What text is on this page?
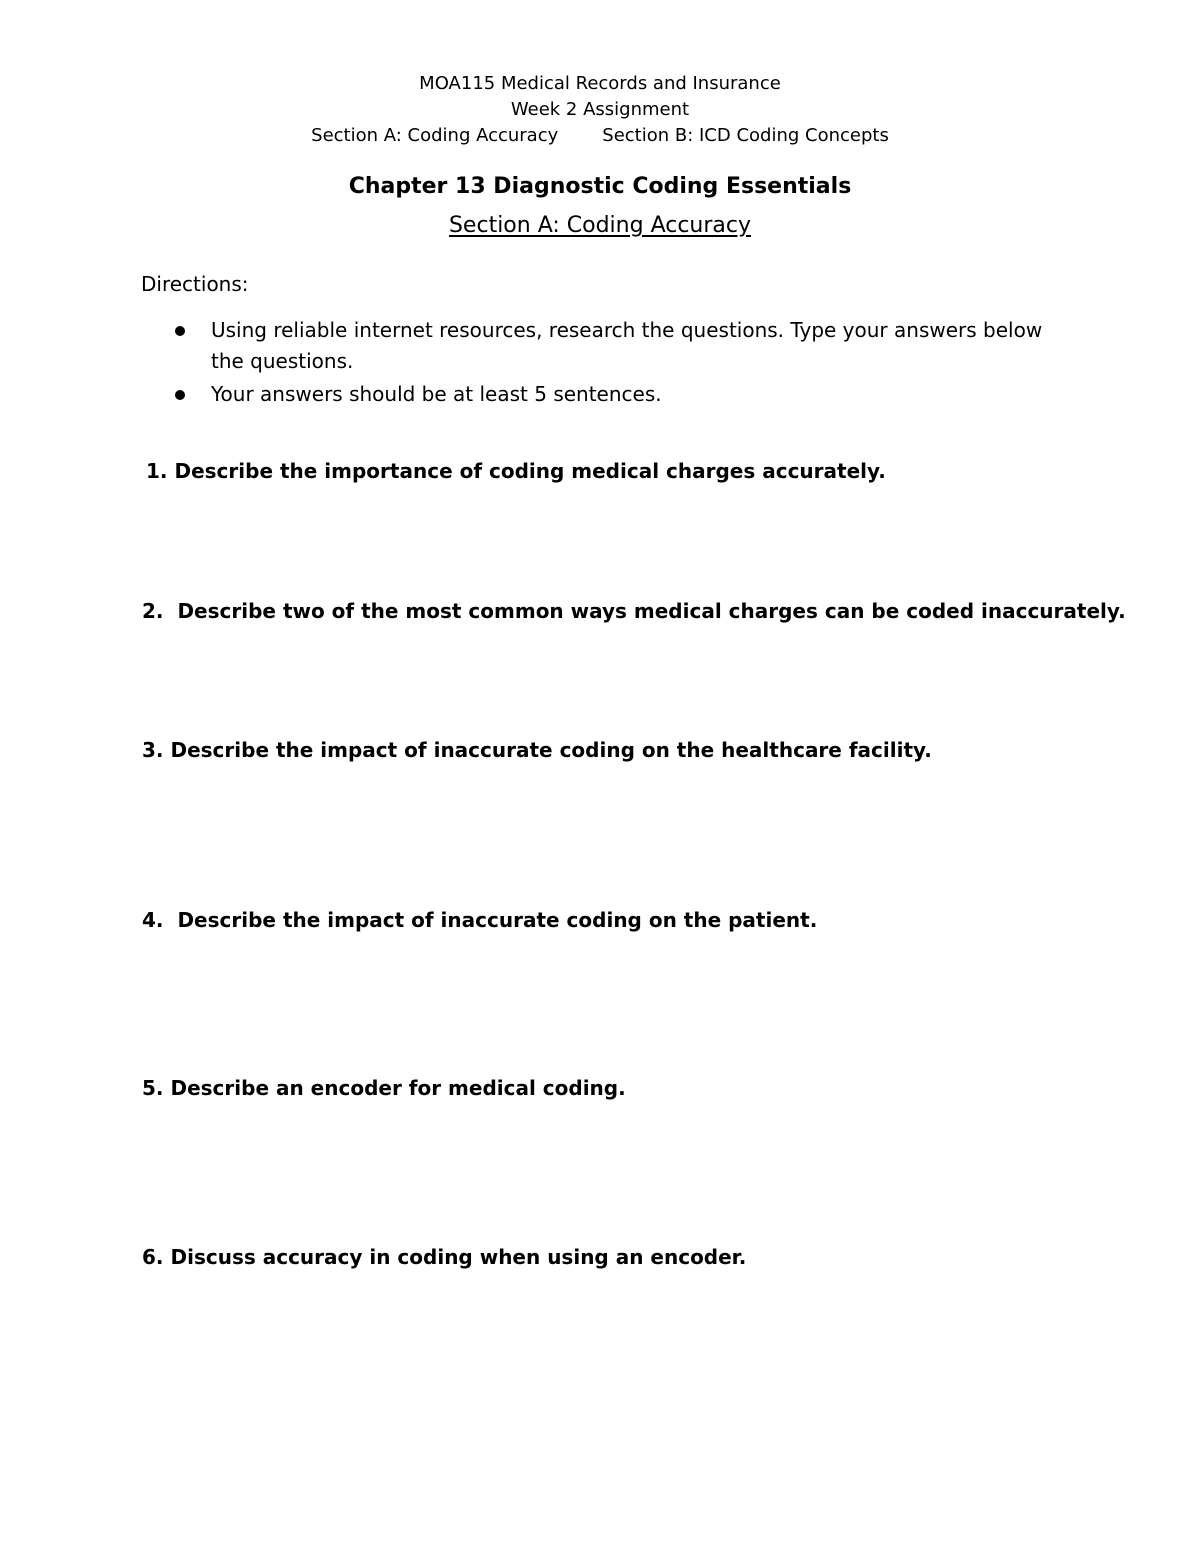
MOA115 Medical Records and Insurance
Week 2 Assignment
Section A: Coding Accuracy Section B: ICD Coding Concepts
Chapter 13 Diagnostic Coding Essentials
Section A: Coding Accuracy
Directions:
Using reliable internet resources, research the questions. Type your answers below the questions.
Your answers should be at least 5 sentences.
1. Describe the importance of coding medical charges accurately.
2. Describe two of the most common ways medical charges can be coded inaccurately.
3. Describe the impact of inaccurate coding on the healthcare facility.
4. Describe the impact of inaccurate coding on the patient.
5. Describe an encoder for medical coding.
6. Discuss accuracy in coding when using an encoder.
